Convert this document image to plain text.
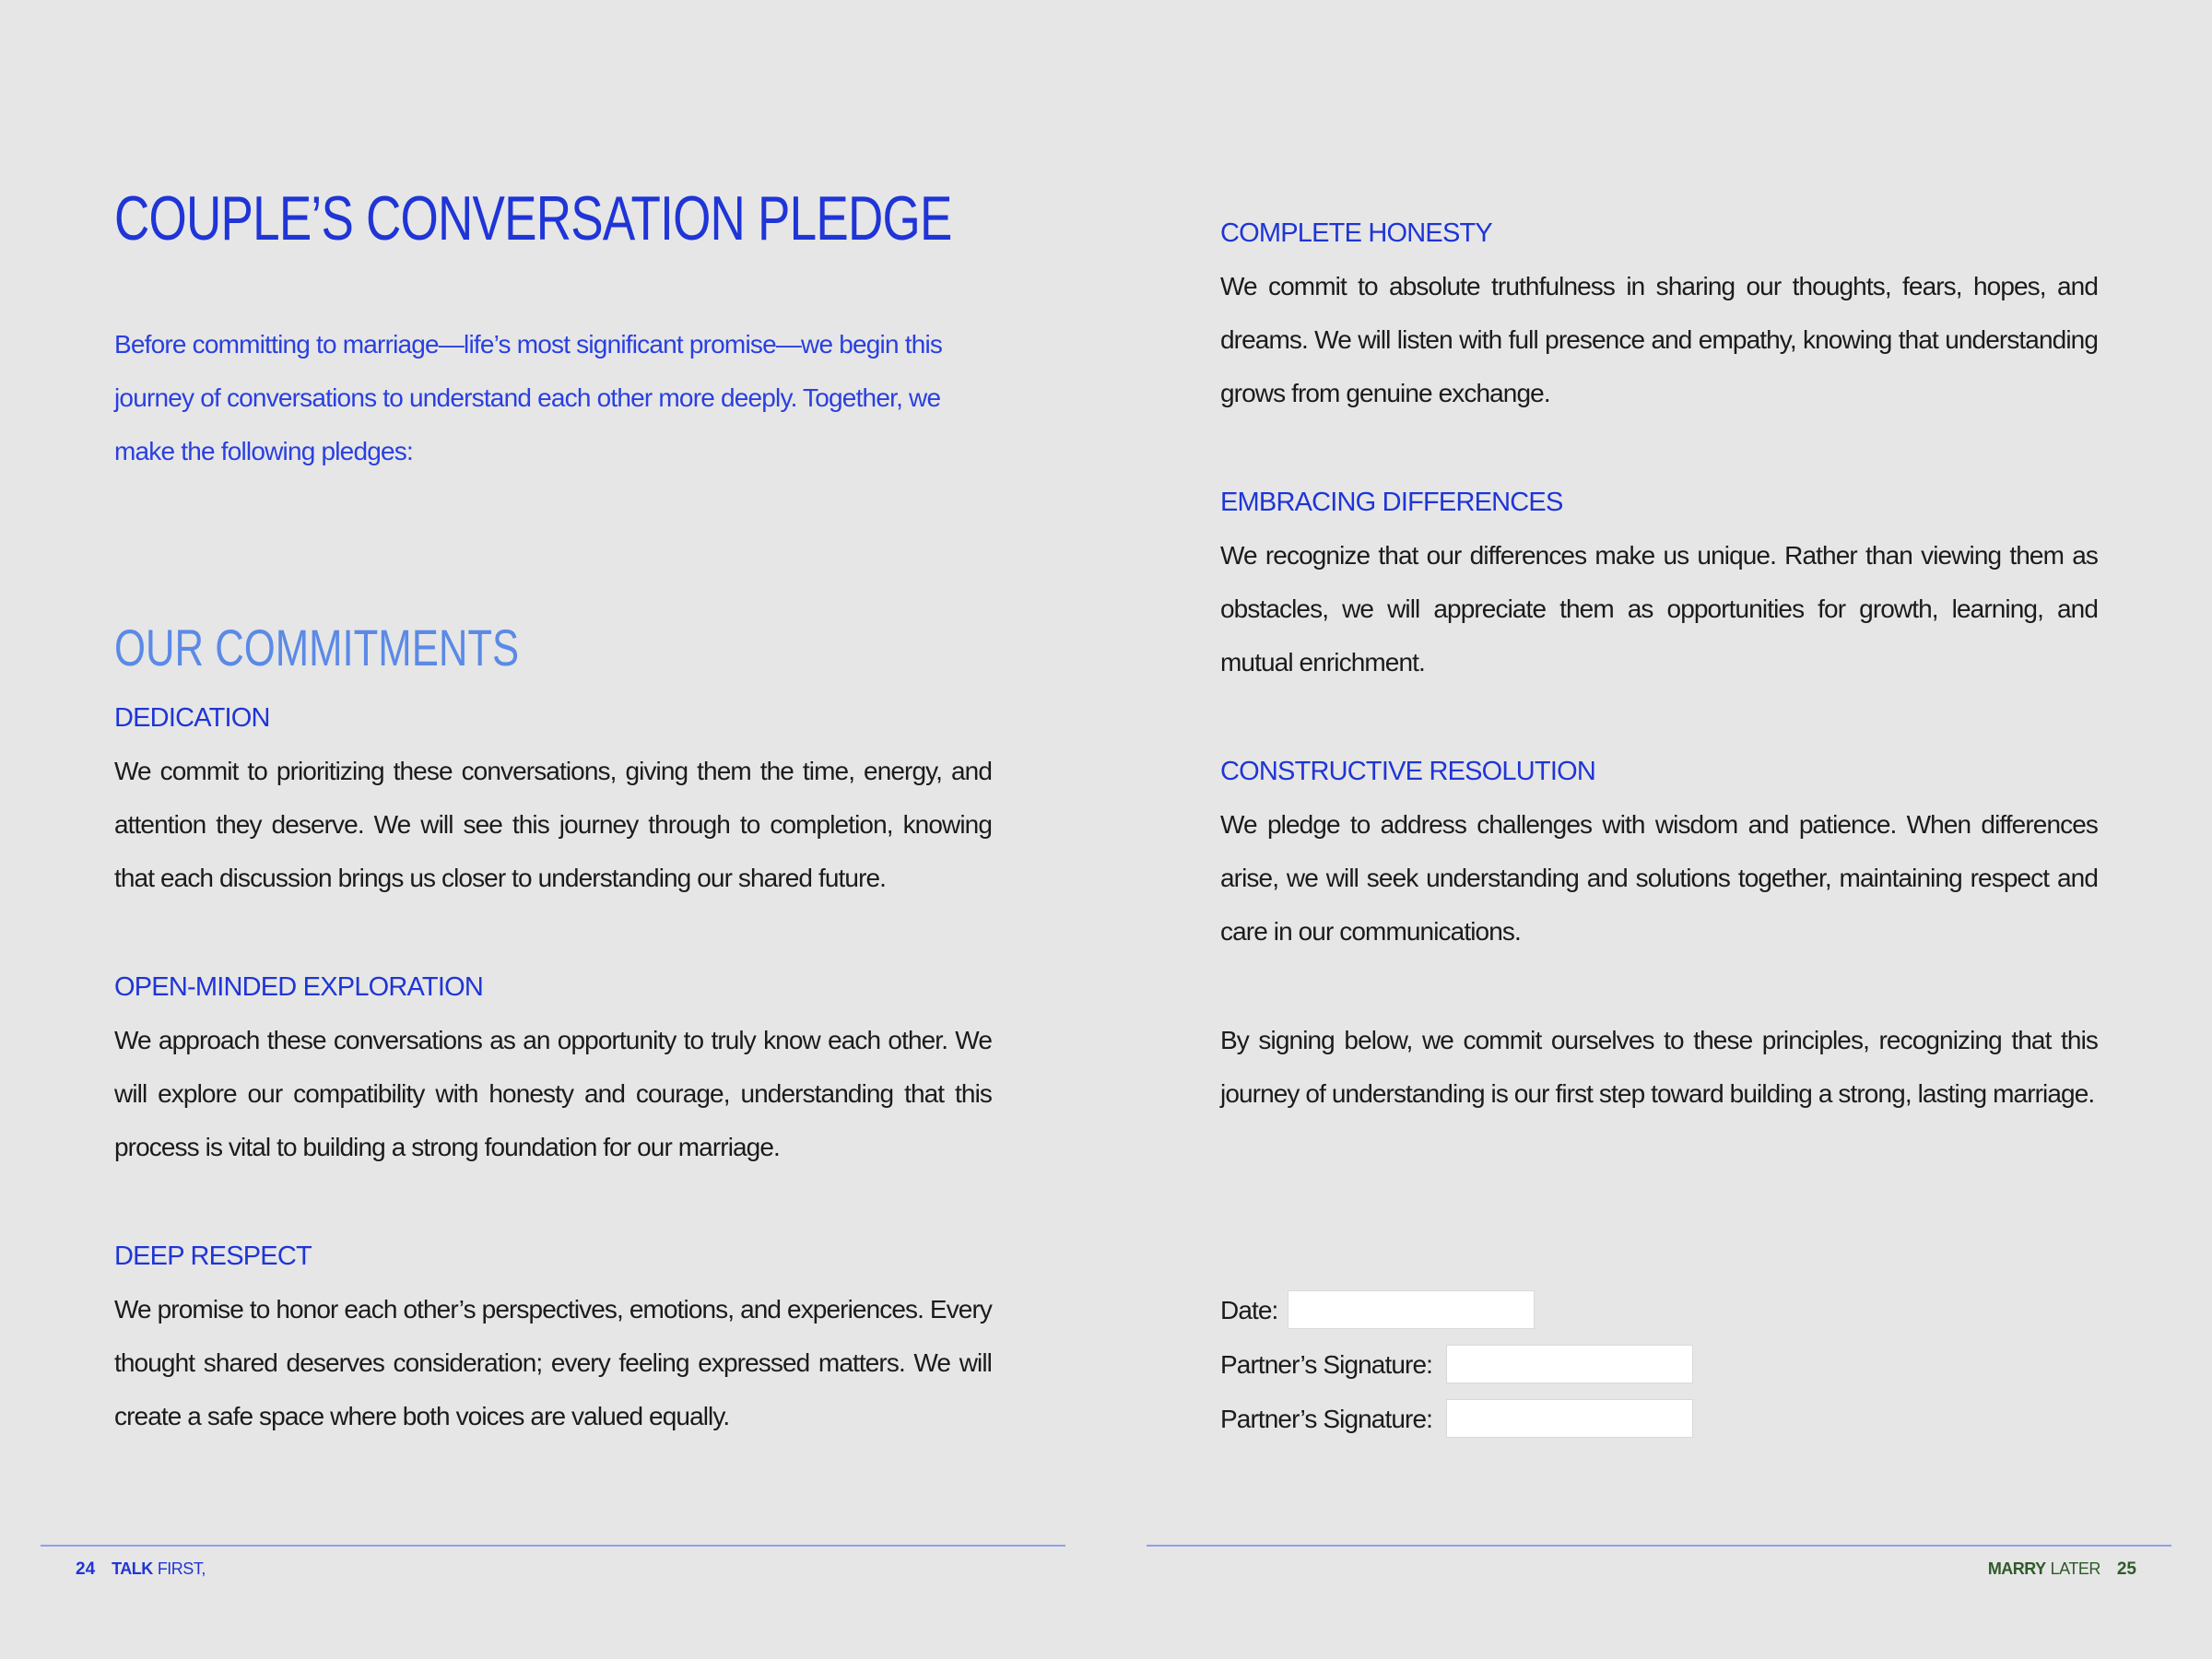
COUPLE’S CONVERSATION PLEDGE

Before committing to marriage—life’s most significant promise—we begin this journey of conversations to understand each other more deeply. Together, we make the following pledges:

OUR COMMITMENTS
DEDICATION

We commit to prioritizing these conversations, giving them the time, energy, and attention they deserve. We will see this journey through to completion, knowing that each discussion brings us closer to understanding our shared future.

OPEN-MINDED EXPLORATION

We approach these conversations as an opportunity to truly know each other. We will explore our compatibility with honesty and courage, understanding that this process is vital to building a strong foundation for our marriage.

DEEP RESPECT

We promise to honor each other’s perspectives, emotions, and experiences. Every thought shared deserves consideration; every feeling expressed matters. We will create a safe space where both voices are valued equally.

24 TALK FIRST,
COMPLETE HONESTY

We commit to absolute truthfulness in sharing our thoughts, fears, hopes, and dreams. We will listen with full presence and empathy, knowing that understanding grows from genuine exchange.

EMBRACING DIFFERENCES

We recognize that our differences make us unique. Rather than viewing them as obstacles, we will appreciate them as opportunities for growth, learning, and mutual enrichment.

CONSTRUCTIVE RESOLUTION

We pledge to address challenges with wisdom and patience. When differences arise, we will seek understanding and solutions together, maintaining respect and care in our communications.

By signing below, we commit ourselves to these principles, recognizing that this journey of understanding is our first step toward building a strong, lasting marriage.

Date:
Partner’s Signature:
Partner’s Signature:
MARRY LATER 25
